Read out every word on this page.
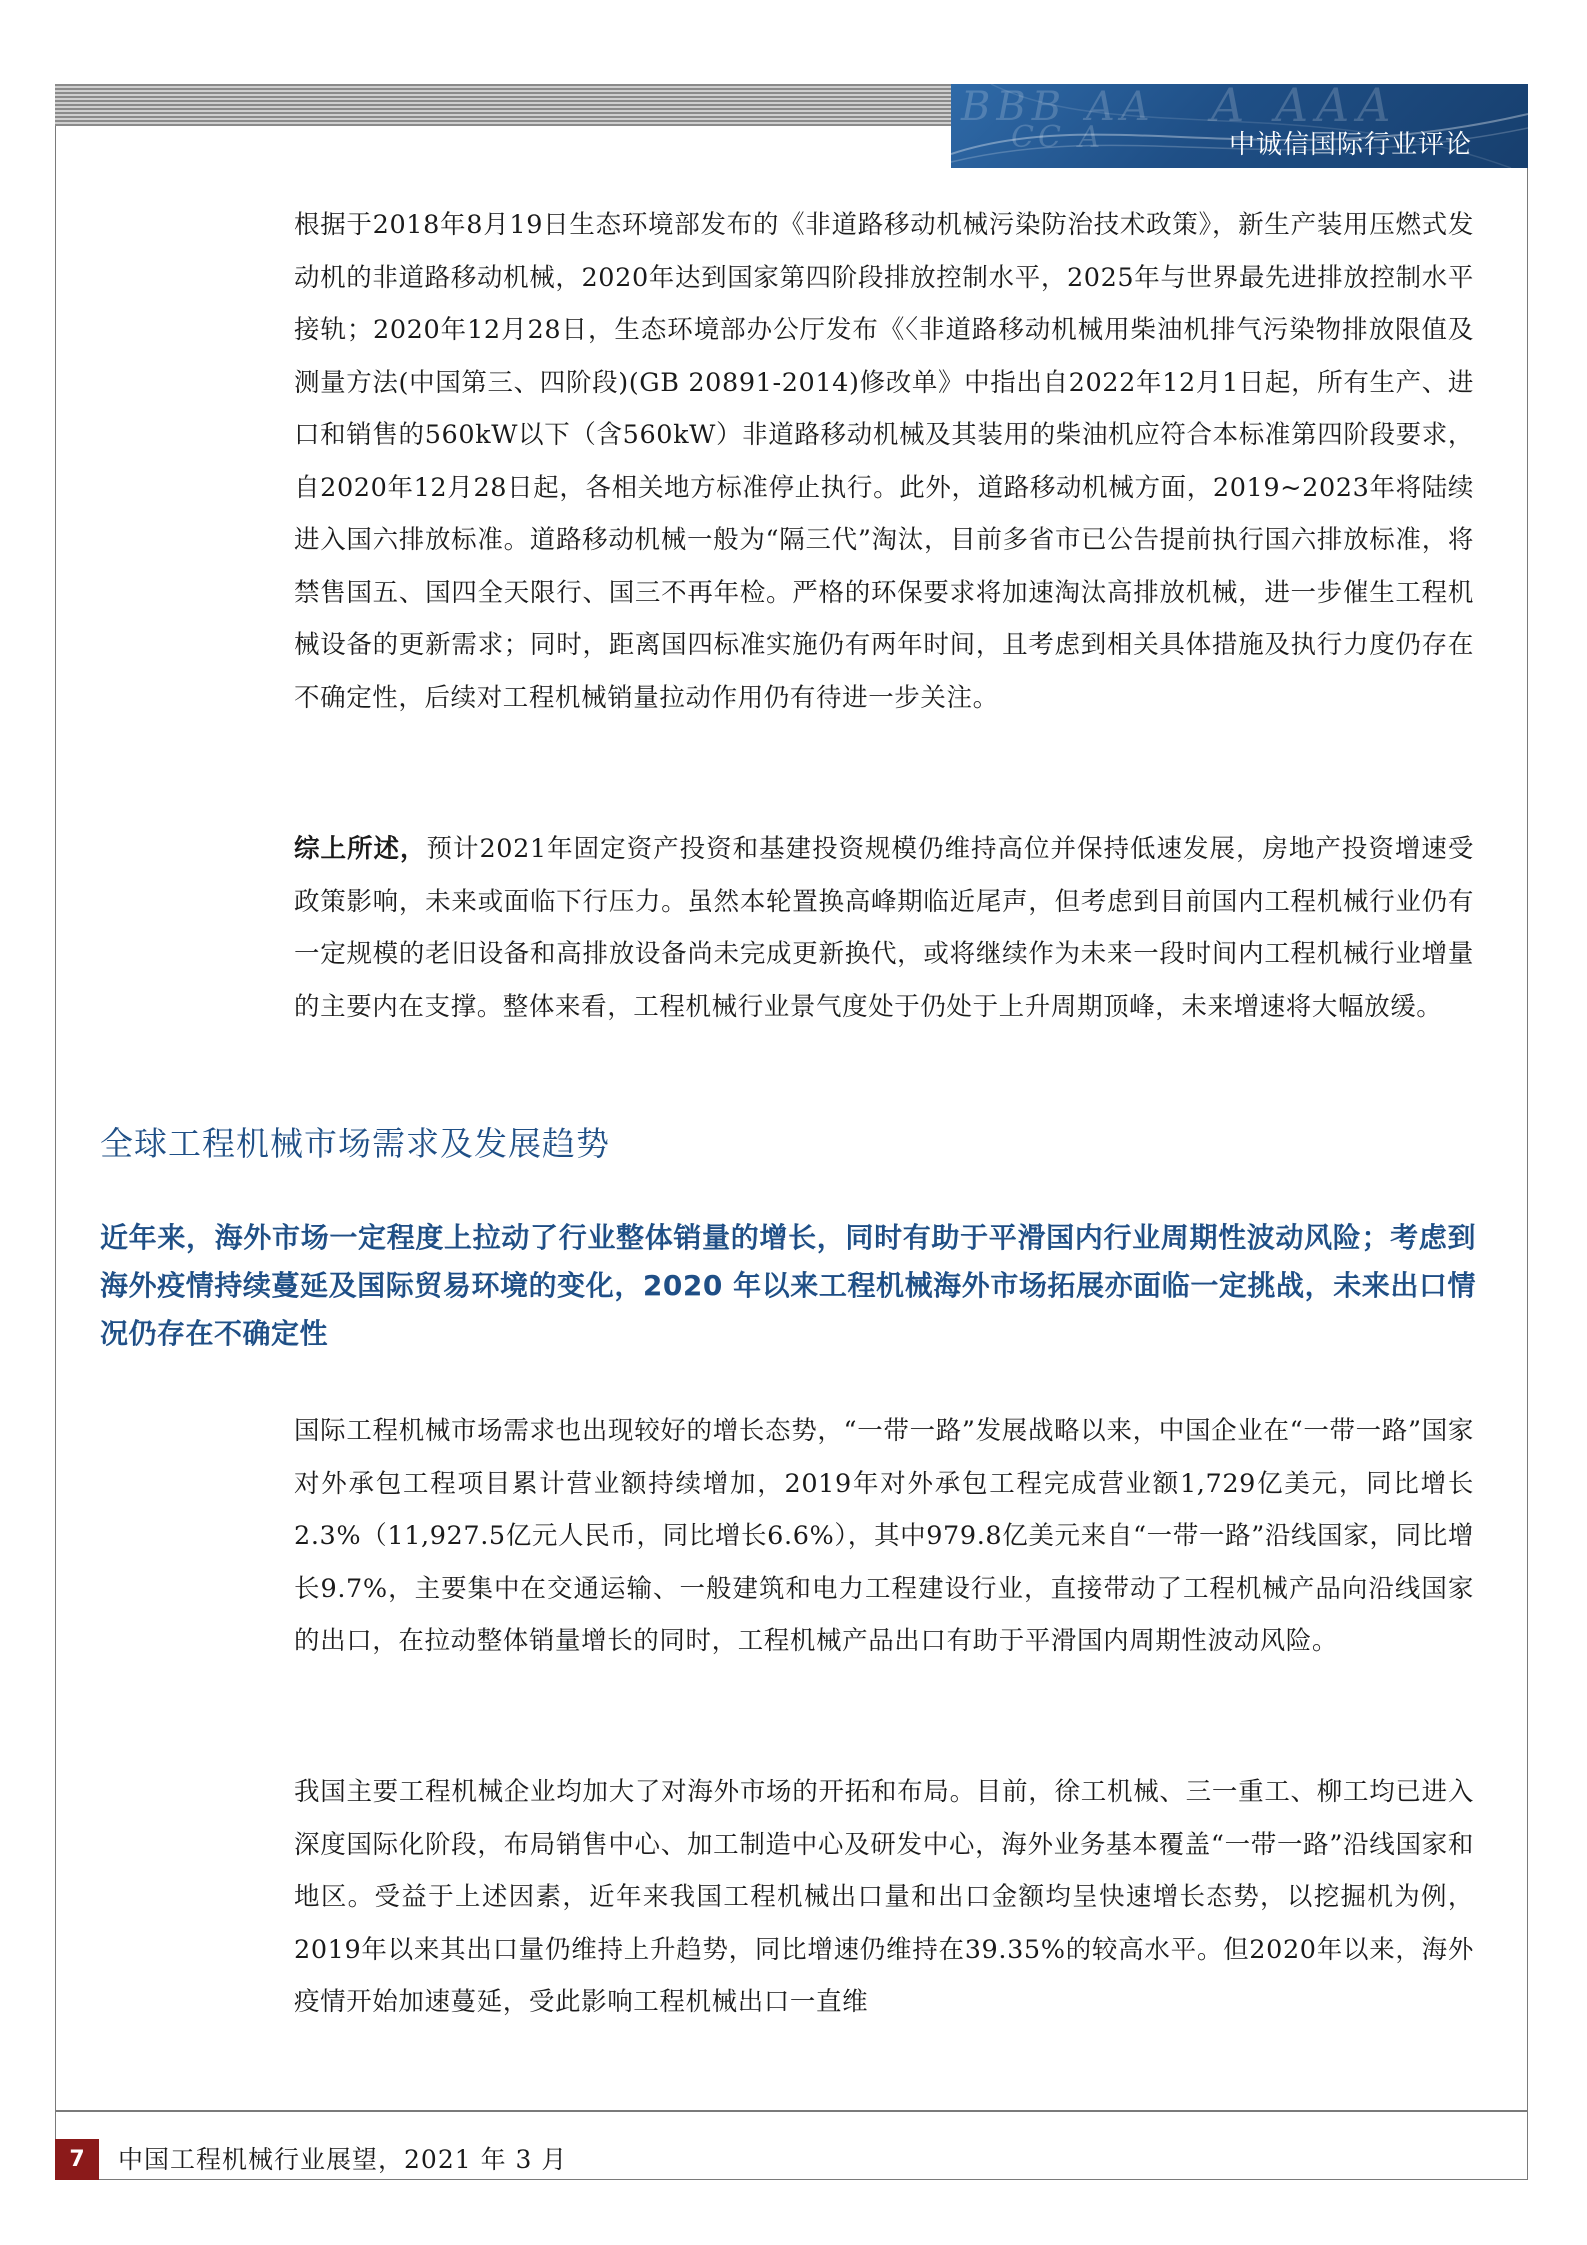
BBB AA
CC A
A AAA
中诚信国际行业评论
根据于2018年8月19日生态环境部发布的《非道路移动机械污染防治技术政策》，新生产装用压燃式发动机的非道路移动机械，2020年达到国家第四阶段排放控制水平，2025年与世界最先进排放控制水平接轨；2020年12月28日，生态环境部办公厅发布《〈非道路移动机械用柴油机排气污染物排放限值及测量方法(中国第三、四阶段)(GB 20891-2014)修改单》中指出自2022年12月1日起，所有生产、进口和销售的560kW以下（含560kW）非道路移动机械及其装用的柴油机应符合本标准第四阶段要求，自2020年12月28日起，各相关地方标准停止执行。此外，道路移动机械方面，2019~2023年将陆续进入国六排放标准。道路移动机械一般为“隔三代”淘汰，目前多省市已公告提前执行国六排放标准，将禁售国五、国四全天限行、国三不再年检。严格的环保要求将加速淘汰高排放机械，进一步催生工程机械设备的更新需求；同时，距离国四标准实施仍有两年时间，且考虑到相关具体措施及执行力度仍存在不确定性，后续对工程机械销量拉动作用仍有待进一步关注。
综上所述，预计2021年固定资产投资和基建投资规模仍维持高位并保持低速发展，房地产投资增速受政策影响，未来或面临下行压力。虽然本轮置换高峰期临近尾声，但考虑到目前国内工程机械行业仍有一定规模的老旧设备和高排放设备尚未完成更新换代，或将继续作为未来一段时间内工程机械行业增量的主要内在支撑。整体来看，工程机械行业景气度处于仍处于上升周期顶峰，未来增速将大幅放缓。
全球工程机械市场需求及发展趋势
近年来，海外市场一定程度上拉动了行业整体销量的增长，同时有助于平滑国内行业周期性波动风险；考虑到海外疫情持续蔓延及国际贸易环境的变化，2020 年以来工程机械海外市场拓展亦面临一定挑战，未来出口情况仍存在不确定性
国际工程机械市场需求也出现较好的增长态势，“一带一路”发展战略以来，中国企业在“一带一路”国家对外承包工程项目累计营业额持续增加，2019年对外承包工程完成营业额1,729亿美元，同比增长2.3%（11,927.5亿元人民币，同比增长6.6%），其中979.8亿美元来自“一带一路”沿线国家，同比增长9.7%，主要集中在交通运输、一般建筑和电力工程建设行业，直接带动了工程机械产品向沿线国家的出口，在拉动整体销量增长的同时，工程机械产品出口有助于平滑国内周期性波动风险。
我国主要工程机械企业均加大了对海外市场的开拓和布局。目前，徐工机械、三一重工、柳工均已进入深度国际化阶段，布局销售中心、加工制造中心及研发中心，海外业务基本覆盖“一带一路”沿线国家和地区。受益于上述因素，近年来我国工程机械出口量和出口金额均呈快速增长态势，以挖掘机为例，2019年以来其出口量仍维持上升趋势，同比增速仍维持在39.35%的较高水平。但2020年以来，海外疫情开始加速蔓延，受此影响工程机械出口一直维
7	中国工程机械行业展望，2021 年 3 月
